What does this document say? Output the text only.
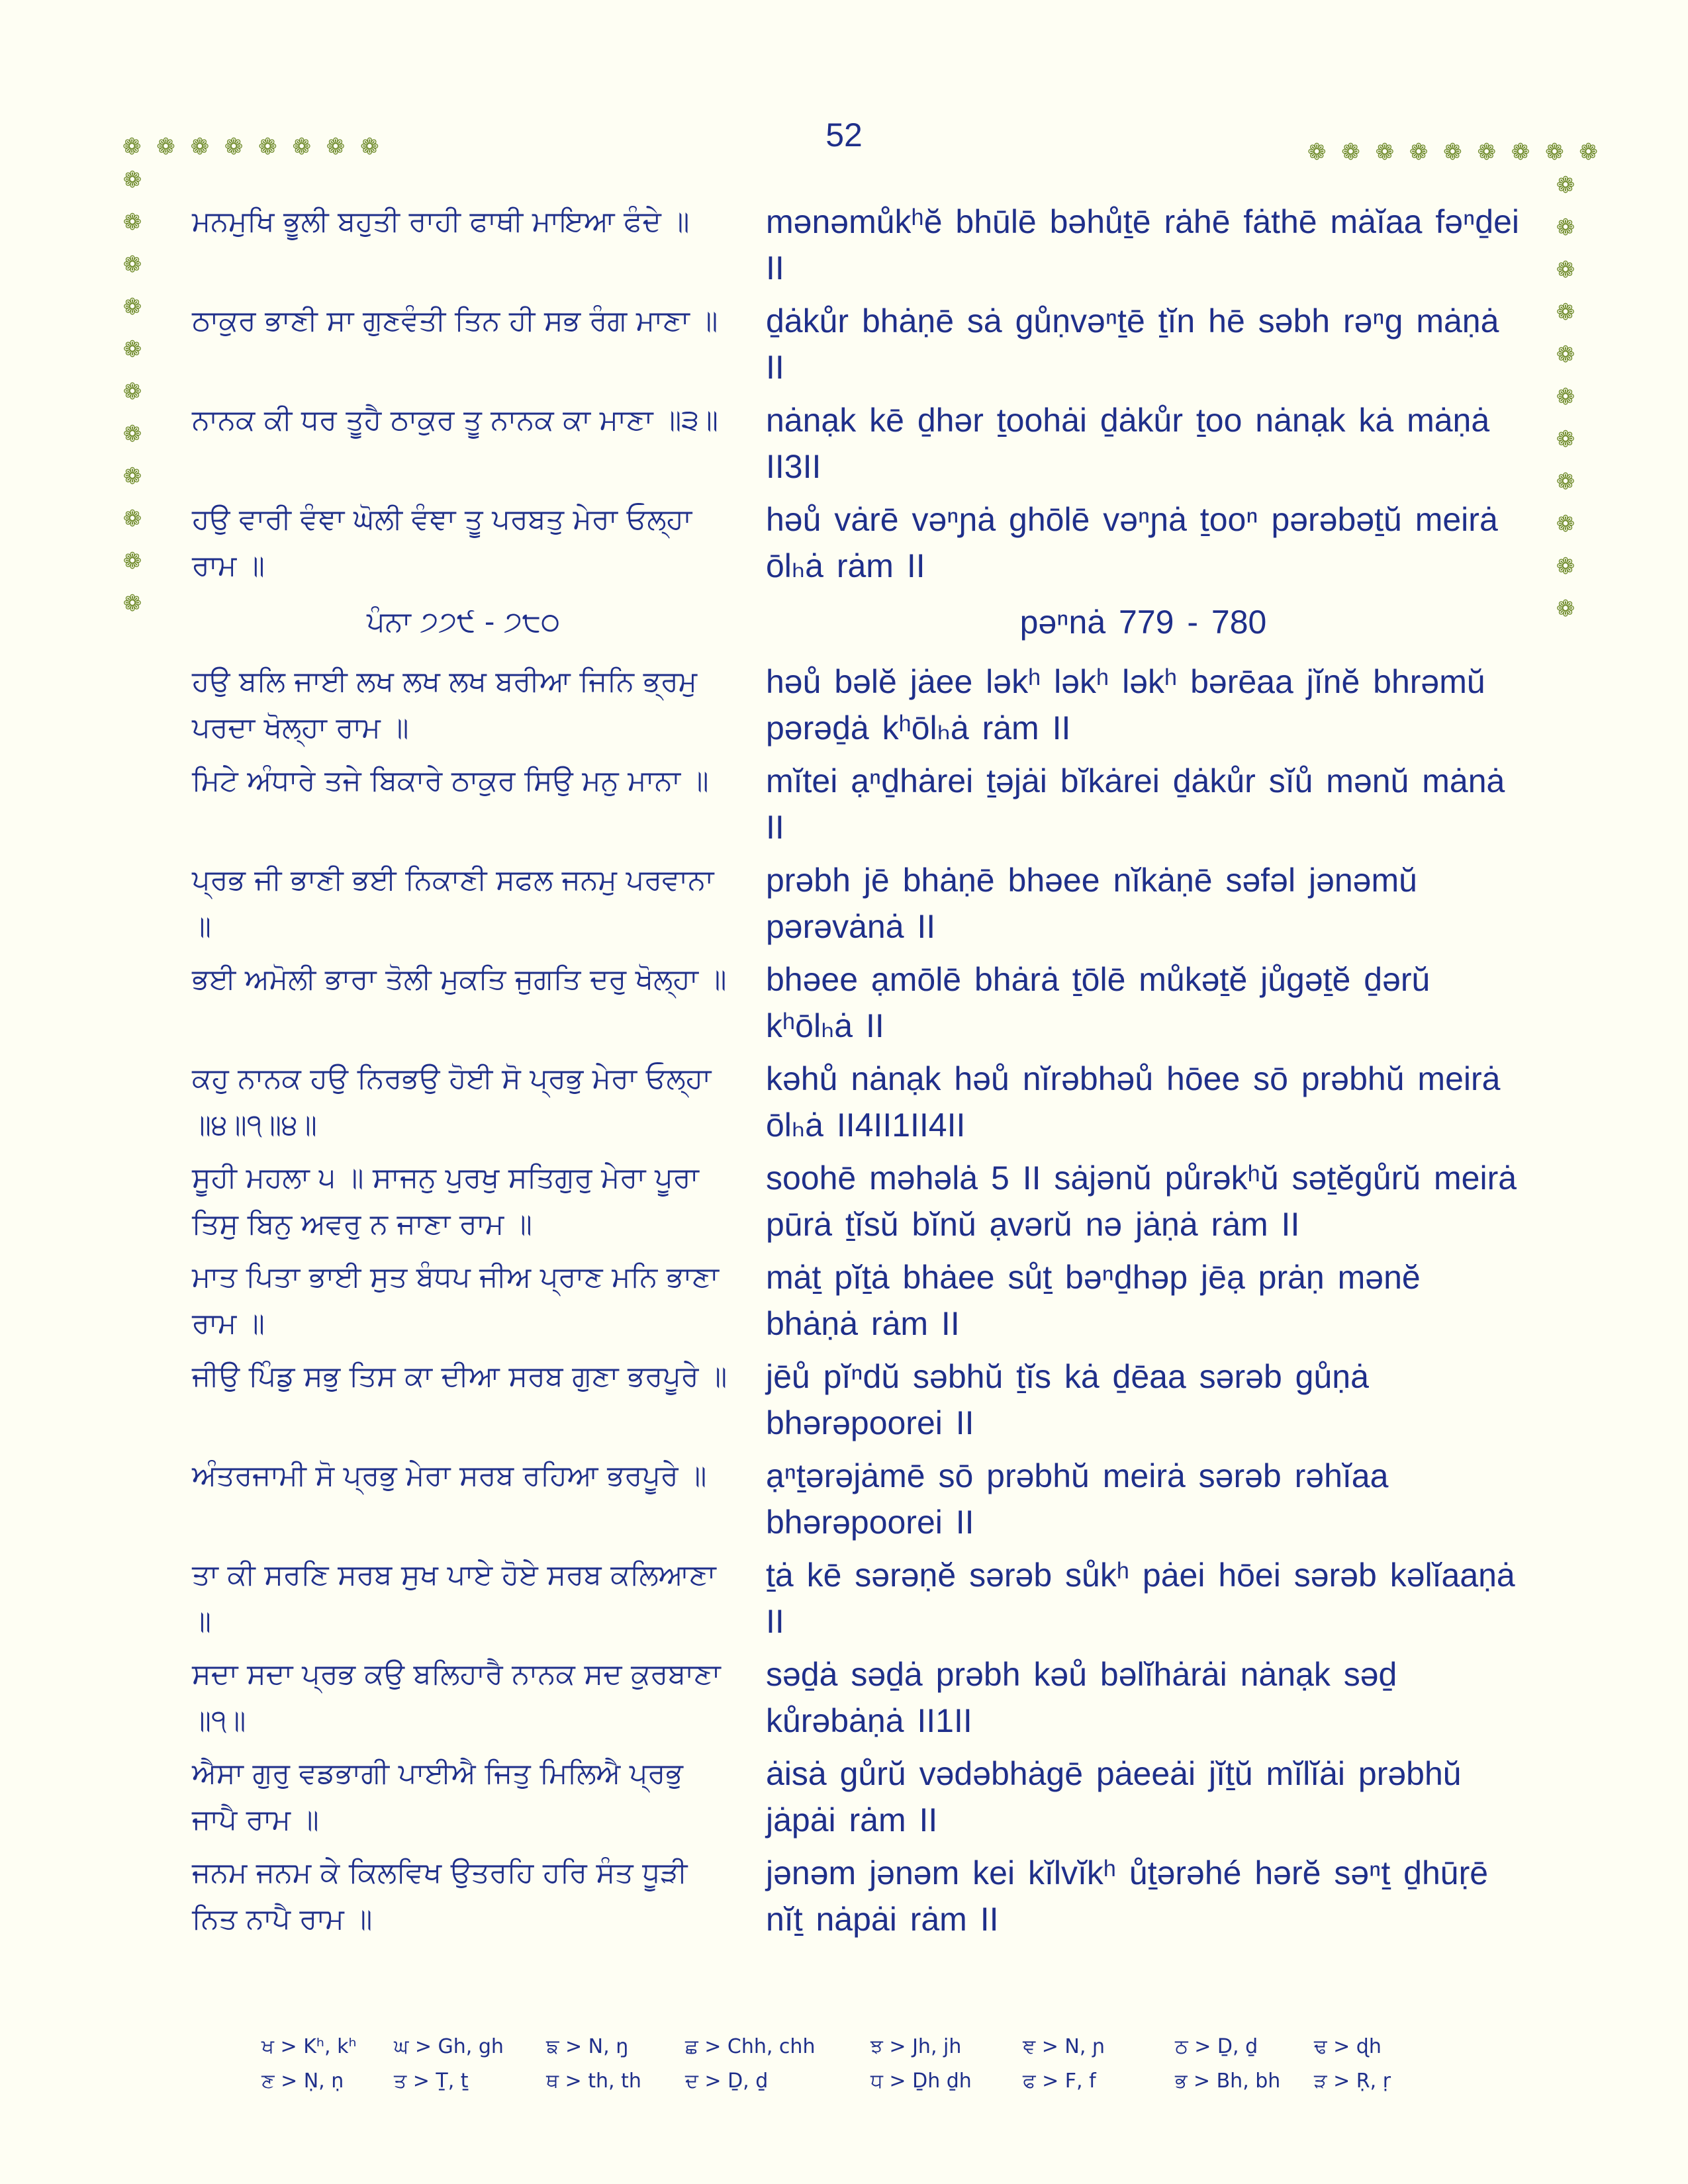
52
❁ ❁ ❁ ❁ ❁ ❁ ❁ ❁	❁ ❁ ❁ ❁ ❁ ❁ ❁ ❁ ❁
❁
❁
❁
❁
❁
❁
❁
❁
❁
❁
❁
❁
❁
❁
❁
❁
❁
❁
❁
❁
❁
❁
ਮਨਮੁਖਿ ਭੂਲੀ ਬਹੁਤੀ ਰਾਹੀ ਫਾਥੀ ਮਾਇਆ ਫੰਦੇ ॥	mənəmůkʰĕ bhūlē bəhůṯē rȧhē fȧthē mȧĭaa fəⁿḏei II
ਠਾਕੁਰ ਭਾਣੀ ਸਾ ਗੁਣਵੰਤੀ ਤਿਨ ਹੀ ਸਭ ਰੰਗ ਮਾਣਾ ॥	ḏȧkůr bhȧṇē sȧ gůṇvəⁿṯē ṯĭn hē səbh rəⁿg mȧṇȧ II
ਨਾਨਕ ਕੀ ਧਰ ਤੂਹੈ ਠਾਕੁਰ ਤੂ ਨਾਨਕ ਕਾ ਮਾਣਾ ॥੩॥	nȧnạk kē ḏhər ṯoohȧi ḏȧkůr ṯoo nȧnạk kȧ mȧṇȧ II3II
ਹਉ ਵਾਰੀ ਵੰਞਾ ਘੋਲੀ ਵੰਞਾ ਤੂ ਪਰਬਤੁ ਮੇਰਾ ਓਲ੍ਹਾ ਰਾਮ ॥
həů vȧrē vəⁿɲȧ ghōlē vəⁿɲȧ ṯooⁿ pərəbəṯŭ meirȧ ōlₕȧ rȧm II
ਪੰਨਾ ੭੭੯ - ੭੮੦	pəⁿnȧ 779 - 780
ਹਉ ਬਲਿ ਜਾਈ ਲਖ ਲਖ ਲਖ ਬਰੀਆ ਜਿਨਿ ਭ੍ਰਮੁ ਪਰਦਾ ਖੋਲ੍ਹਾ ਰਾਮ ॥
həů bəlĕ jȧee ləkʰ ləkʰ ləkʰ bərēaa jĭnĕ bhrəmŭ pərəḏȧ kʰōlₕȧ rȧm II
ਮਿਟੇ ਅੰਧਾਰੇ ਤਜੇ ਬਿਕਾਰੇ ਠਾਕੁਰ ਸਿਉ ਮਨੁ ਮਾਨਾ ॥	mĭtei ạⁿḏhȧrei ṯəjȧi bĭkȧrei ḏȧkůr sĭů mənŭ mȧnȧ II
ਪ੍ਰਭ ਜੀ ਭਾਣੀ ਭਈ ਨਿਕਾਣੀ ਸਫਲ ਜਨਮੁ ਪਰਵਾਨਾ ॥
prəbh jē bhȧṇē bhəee nĭkȧṇē səfəl jənəmŭ pərəvȧnȧ II
ਭਈ ਅਮੋਲੀ ਭਾਰਾ ਤੋਲੀ ਮੁਕਤਿ ਜੁਗਤਿ ਦਰੁ ਖੋਲ੍ਹਾ ॥ bhəee ạmōlē bhȧrȧ ṯōlē můkəṯĕ jůgəṯĕ ḏərŭ kʰōlₕȧ II
ਕਹੁ ਨਾਨਕ ਹਉ ਨਿਰਭਉ ਹੋਈ ਸੋ ਪ੍ਰਭੁ ਮੇਰਾ ਓਲ੍ਹਾ ॥੪॥੧॥੪॥
kəhů nȧnạk həů nĭrəbhəů hōee sō prəbhŭ meirȧ ōlₕȧ II4II1II4II
ਸੂਹੀ ਮਹਲਾ ੫ ॥ ਸਾਜਨੁ ਪੁਰਖੁ ਸਤਿਗੁਰੁ ਮੇਰਾ ਪੂਰਾ ਤਿਸੁ ਬਿਨੁ ਅਵਰੁ ਨ ਜਾਣਾ ਰਾਮ ॥
soohē məhəlȧ 5 II sȧjənŭ půrəkʰŭ səṯĕgůrŭ meirȧ pūrȧ ṯĭsŭ bĭnŭ ạvərŭ nə jȧṇȧ rȧm II
ਮਾਤ ਪਿਤਾ ਭਾਈ ਸੁਤ ਬੰਧਪ ਜੀਅ ਪ੍ਰਾਣ ਮਨਿ ਭਾਣਾ ਰਾਮ ॥
mȧṯ pĭṯȧ bhȧee sůṯ bəⁿḏhəp jēạ prȧṇ mənĕ bhȧṇȧ rȧm II
ਜੀਉ ਪਿੰਡੁ ਸਭੁ ਤਿਸ ਕਾ ਦੀਆ ਸਰਬ ਗੁਣਾ ਭਰਪੂਰੇ ॥ jēů pĭⁿdŭ səbhŭ ṯĭs kȧ ḏēaa sərəb gůṇȧ bhərəpoorei II
ਅੰਤਰਜਾਮੀ ਸੋ ਪ੍ਰਭੁ ਮੇਰਾ ਸਰਬ ਰਹਿਆ ਭਰਪੂਰੇ ॥	ạⁿṯərəjȧmē sō prəbhŭ meirȧ sərəb rəhĭaa bhərəpoorei II
ਤਾ ਕੀ ਸਰਣਿ ਸਰਬ ਸੁਖ ਪਾਏ ਹੋਏ ਸਰਬ ਕਲਿਆਣਾ ॥
ṯȧ kē sərəṇĕ sərəb sůkʰ pȧei hōei sərəb kəlĭaaṇȧ II
ਸਦਾ ਸਦਾ ਪ੍ਰਭ ਕਉ ਬਲਿਹਾਰੈ ਨਾਨਕ ਸਦ ਕੁਰਬਾਣਾ ॥੧॥
səḏȧ səḏȧ prəbh kəů bəlĭhȧrȧi nȧnạk səḏ kůrəbȧṇȧ II1II
ਐਸਾ ਗੁਰੁ ਵਡਭਾਗੀ ਪਾਈਐ ਜਿਤੁ ਮਿਲਿਐ ਪ੍ਰਭੁ ਜਾਪੈ ਰਾਮ ॥
ȧisȧ gůrŭ vədəbhȧgē pȧeeȧi jĭṯŭ mĭlĭȧi prəbhŭ jȧpȧi rȧm II
ਜਨਮ ਜਨਮ ਕੇ ਕਿਲਵਿਖ ਉਤਰਹਿ ਹਰਿ ਸੰਤ ਧੂੜੀ ਨਿਤ ਨਾਪੈ ਰਾਮ ॥
jənəm jənəm kei kĭlvĭkʰ ůṯərəhé hərĕ səⁿṯ ḏhūṛē nĭṯ nȧpȧi rȧm II
ਖ > Kʰ, kʰ ਘ > Gh, gh ਙ > N, ŋ	ਛ > Chh, chh	ਝ > Jh, jh	ਞ > N, ɲ	ਠ > Ḏ, ḏ	ਢ > ɖh
ਣ > Ṇ, ṇ	ਤ > Ṯ, ṯ	ਥ > th, th ਦ > Ḏ, ḏ	ਧ > Ḏh ḏh	ਫ > F, f	ਭ > Bh, bh ੜ > Ṛ, ṛ
